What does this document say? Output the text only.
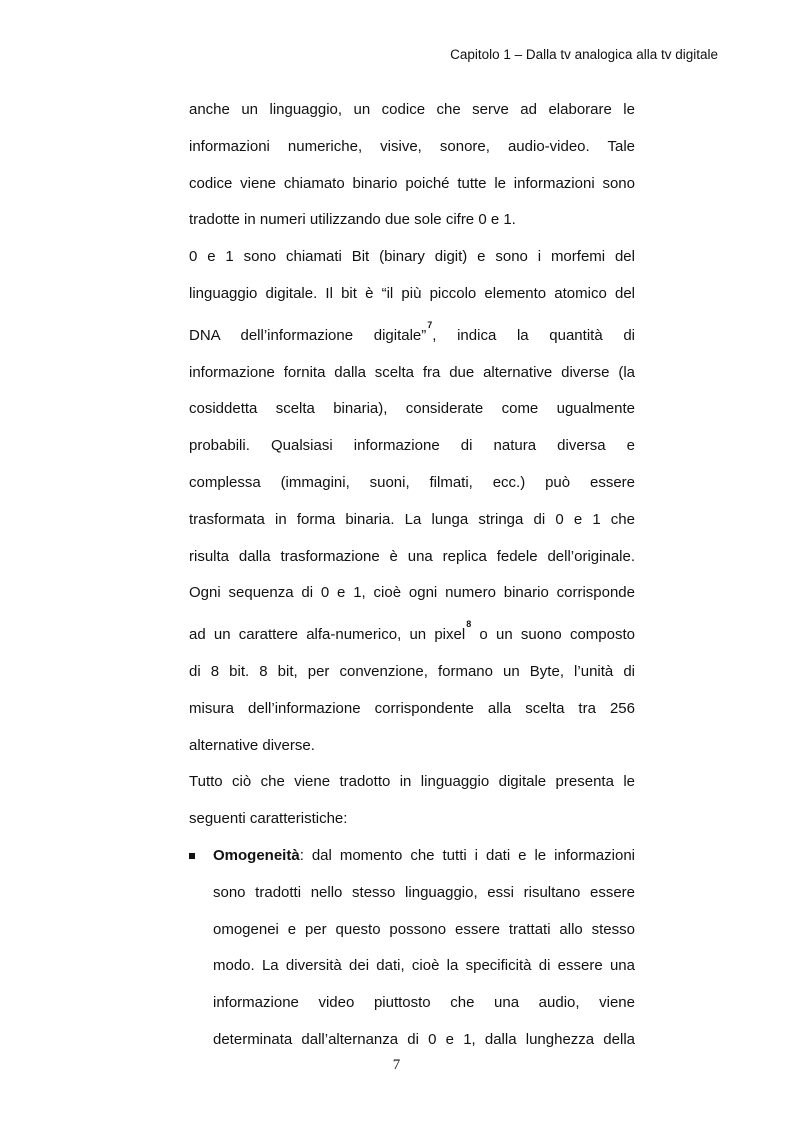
Capitolo 1 – Dalla tv analogica alla tv digitale

anche un linguaggio, un codice che serve ad elaborare le
informazioni numeriche, visive, sonore, audio-video. Tale
codice viene chiamato binario poiché tutte le informazioni sono
tradotte in numeri utilizzando due sole cifre 0 e 1.

0 e 1 sono chiamati Bit (binary digit) e sono i morfemi del
linguaggio digitale. Il bit è “il più piccolo elemento atomico del
DNA dell’informazione digitale”$^7$, indica la quantità di
informazione fornita dalla scelta fra due alternative diverse (la
cosiddetta scelta binaria), considerate come ugualmente
probabili. Qualsiasi informazione di natura diversa e
complessa (immagini, suoni, filmati, ecc.) può essere
trasformata in forma binaria. La lunga stringa di 0 e 1 che
risulta dalla trasformazione è una replica fedele dell’originale.
Ogni sequenza di 0 e 1, cioè ogni numero binario corrisponde
ad un carattere alfa-numerico, un pixel$^8$ o un suono composto
di 8 bit. 8 bit, per convenzione, formano un Byte, l’unità di
misura dell’informazione corrispondente alla scelta tra 256
alternative diverse.

Tutto ciò che viene tradotto in linguaggio digitale presenta le
seguenti caratteristiche:

Omogeneità: dal momento che tutti i dati e le informazioni
sono tradotti nello stesso linguaggio, essi risultano essere
omogenei e per questo possono essere trattati allo stesso
modo. La diversità dei dati, cioè la specificità di essere una
informazione video piuttosto che una audio, viene
determinata dall’alternanza di 0 e 1, dalla lunghezza della
7
